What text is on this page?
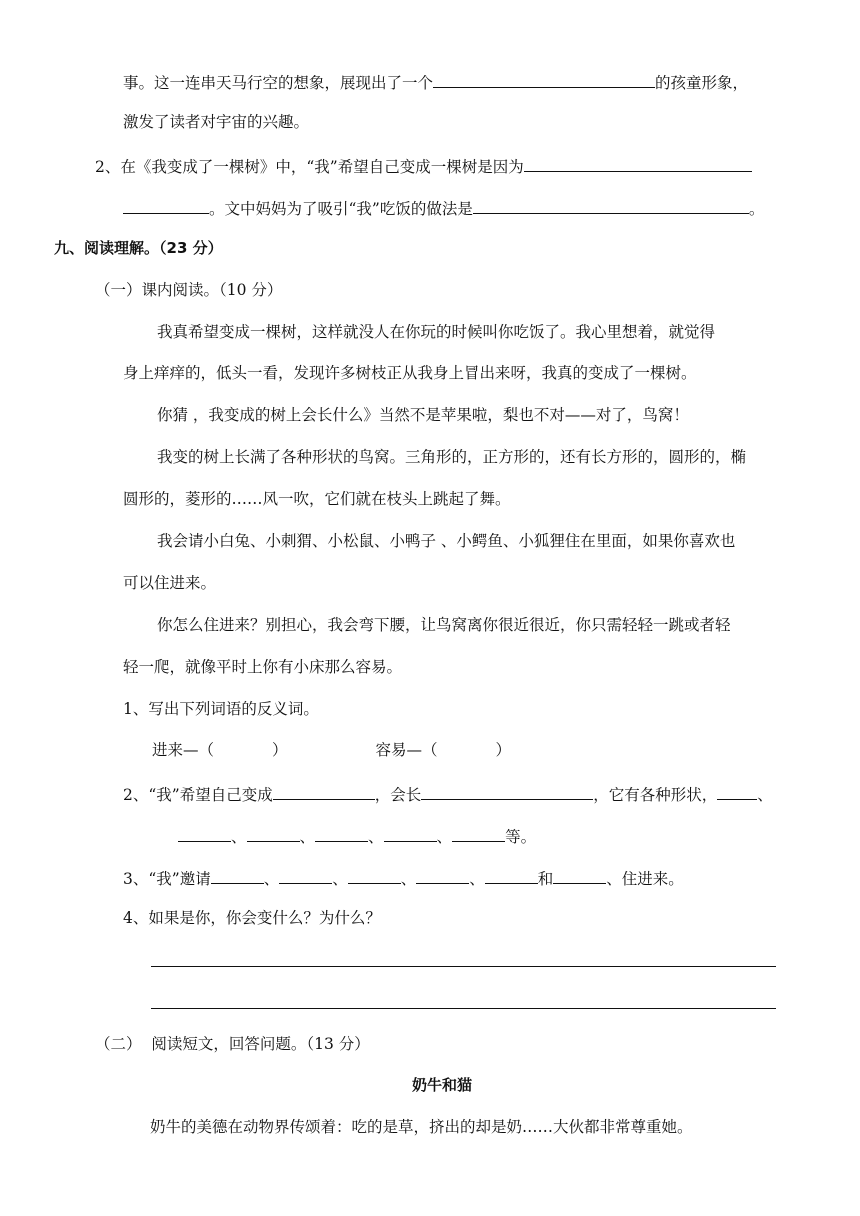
事。这一连串天马行空的想象，展现出了一个	的孩童形象，
激发了读者对宇宙的兴趣。
2、在《我变成了一棵树》中，“我”希望自己变成一棵树是因为
。文中妈妈为了吸引“我”吃饭的做法是	。
九、阅读理解。（23 分）
（一）课内阅读。（10 分）
我真希望变成一棵树，这样就没人在你玩的时候叫你吃饭了。我心里想着，就觉得
身上痒痒的，低头一看，发现许多树枝正从我身上冒出来呀，我真的变成了一棵树。
你猜 ，我变成的树上会长什么》当然不是苹果啦，梨也不对——对了，鸟窝！
我变的树上长满了各种形状的鸟窝。三角形的，正方形的，还有长方形的，圆形的，椭
圆形的，菱形的……风一吹，它们就在枝头上跳起了舞。
我会请小白兔、小刺猬、小松鼠、小鸭子 、小鳄鱼、小狐狸住在里面，如果你喜欢也
可以住进来。
你怎么住进来？别担心，我会弯下腰，让鸟窝离你很近很近，你只需轻轻一跳或者轻
轻一爬，就像平时上你有小床那么容易。
1、写出下列词语的反义词。
进来—（	）	容易—（	）
2、“我”希望自己变成	，会长	，它有各种形状，	、
、	、	、	、	等。
3、“我”邀请	、	、	、	、	和	、住进来。
4、如果是你，你会变什么？为什么？
（二）  阅读短文，回答问题。（13 分）
奶牛和猫
奶牛的美德在动物界传颂着：吃的是草，挤出的却是奶……大伙都非常尊重她。
